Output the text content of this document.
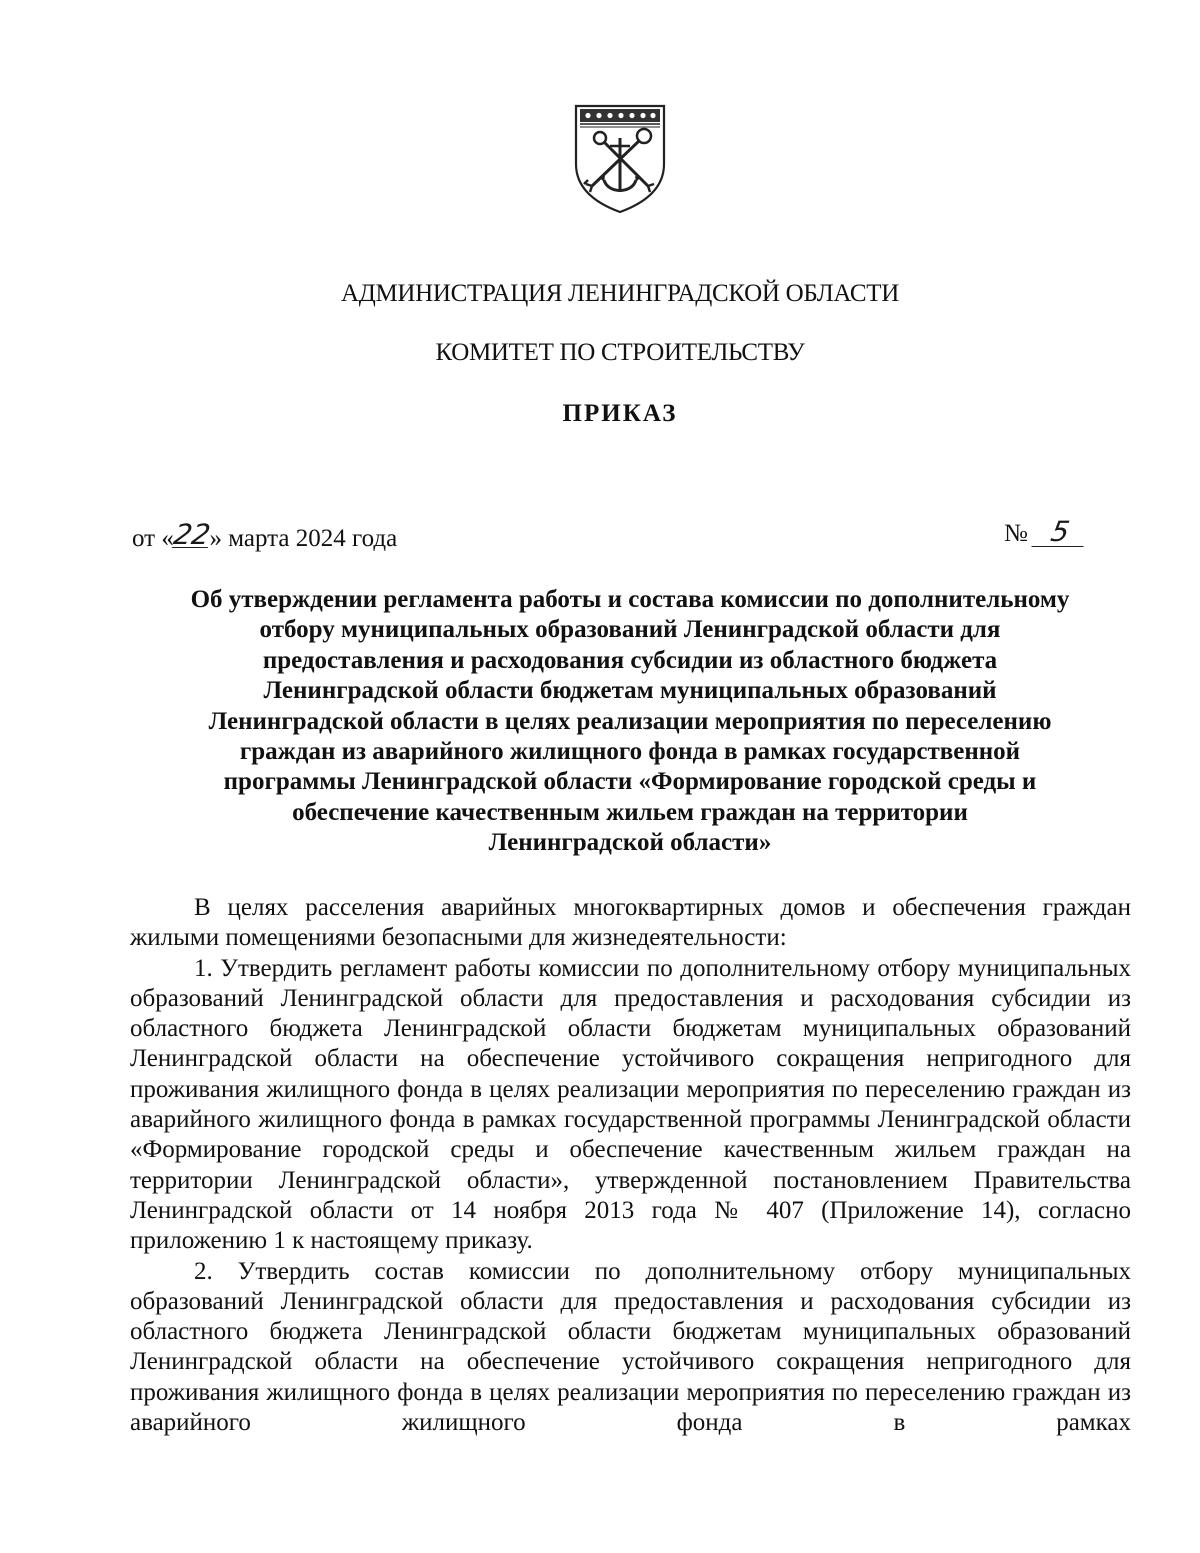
АДМИНИСТРАЦИЯ ЛЕНИНГРАДСКОЙ ОБЛАСТИ
КОМИТЕТ ПО СТРОИТЕЛЬСТВУ
ПРИКАЗ
от «22» марта 2024 года	№ 5
Об утверждении регламента работы и состава комиссии по дополнительному
отбору муниципальных образований Ленинградской области для
предоставления и расходования субсидии из областного бюджета
Ленинградской области бюджетам муниципальных образований
Ленинградской области в целях реализации мероприятия по переселению
граждан из аварийного жилищного фонда в рамках государственной
программы Ленинградской области «Формирование городской среды и
обеспечение качественным жильем граждан на территории
Ленинградской области»

В целях расселения аварийных многоквартирных домов и обеспечения граждан жилыми помещениями безопасными для жизнедеятельности:

1. Утвердить регламент работы комиссии по дополнительному отбору муниципальных образований Ленинградской области для предоставления и расходования субсидии из областного бюджета Ленинградской области бюджетам муниципальных образований Ленинградской области на обеспечение устойчивого сокращения непригодного для проживания жилищного фонда в целях реализации мероприятия по переселению граждан из аварийного жилищного фонда в рамках государственной программы Ленинградской области «Формирование городской среды и обеспечение качественным жильем граждан на территории Ленинградской области», утвержденной постановлением Правительства Ленинградской области от 14 ноября 2013 года № 407 (Приложение 14), согласно приложению 1 к настоящему приказу.

2. Утвердить состав комиссии по дополнительному отбору муниципальных образований Ленинградской области для предоставления и расходования субсидии из областного бюджета Ленинградской области бюджетам муниципальных образований Ленинградской области на обеспечение устойчивого сокращения непригодного для проживания жилищного фонда в целях реализации мероприятия по переселению граждан из аварийного жилищного фонда в рамках
